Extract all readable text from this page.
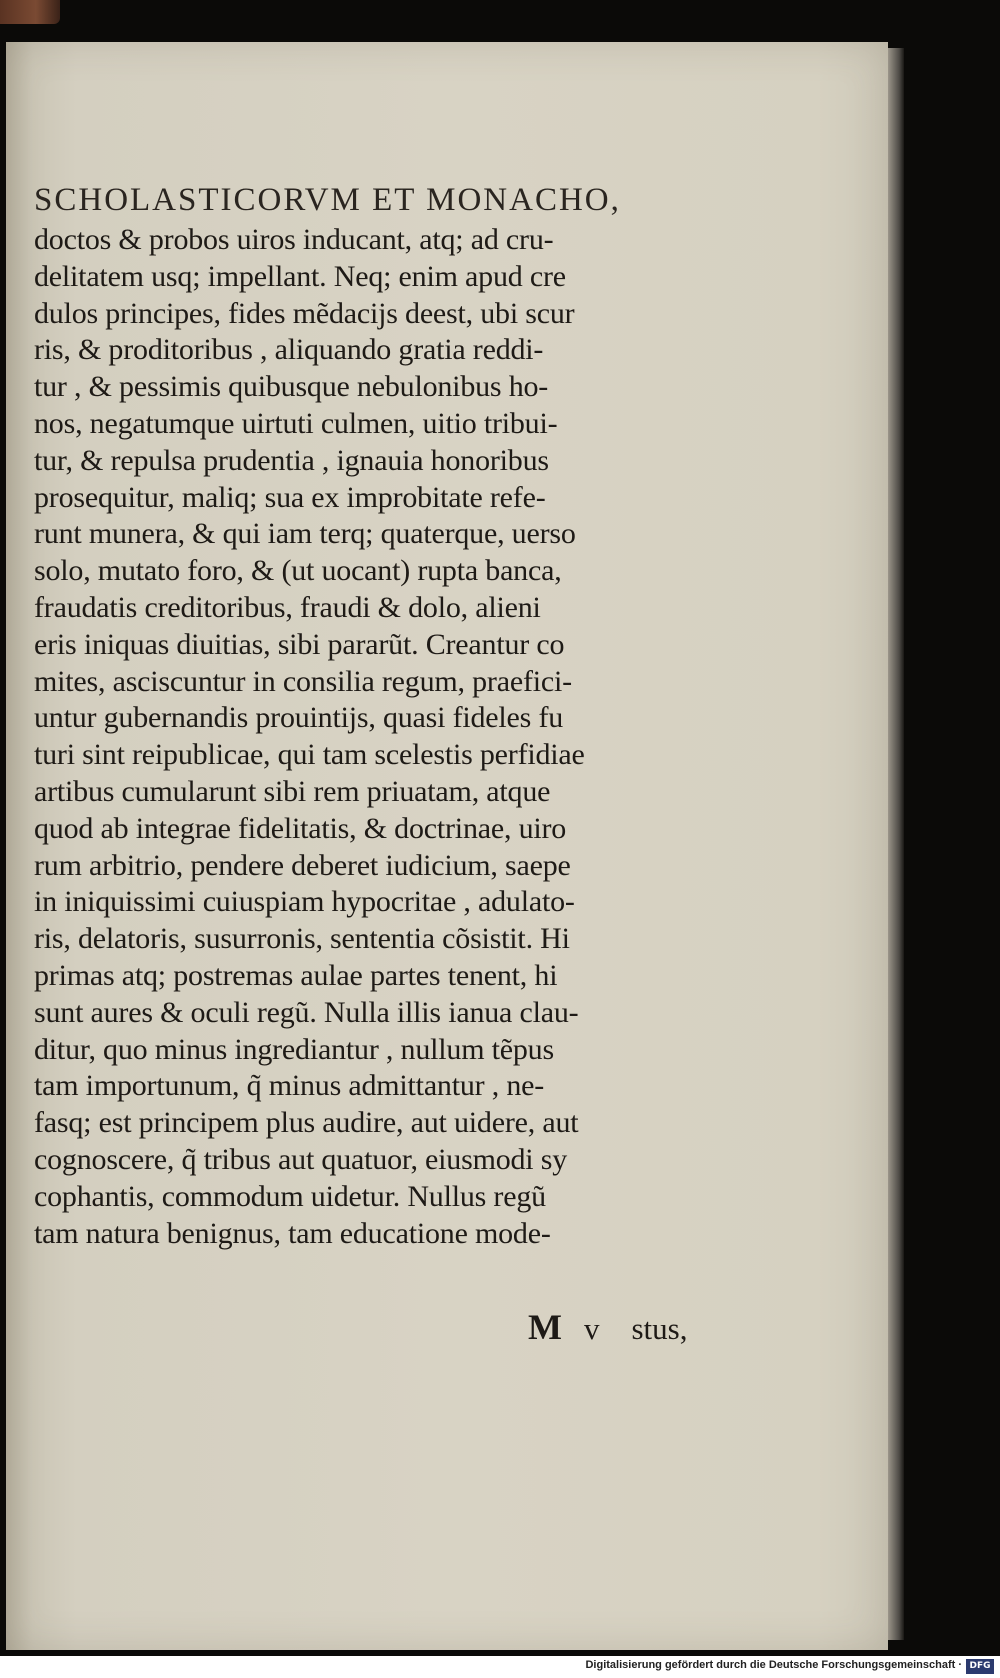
SCHOLASTICORVM ET MONACHO,
doctos & probos uiros inducant, atq; ad cru-
delitatem usq; impellant. Neq; enim apud cre
dulos principes, fides mẽdacijs deest, ubi scur
ris, & proditoribus , aliquando gratia reddi-
tur , & pessimis quibusque nebulonibus ho-
nos, negatumque uirtuti culmen, uitio tribui-
tur, & repulsa prudentia , ignauia honoribus
prosequitur, maliq; sua ex improbitate refe-
runt munera, & qui iam terq; quaterque, uerso
solo, mutato foro, & (ut uocant) rupta banca,
fraudatis creditoribus, fraudi & dolo, alieni
eris iniquas diuitias, sibi pararũt. Creantur co
mites, asciscuntur in consilia regum, praefici-
untur gubernandis prouintijs, quasi fideles fu
turi sint reipublicae, qui tam scelestis perfidiae
artibus cumularunt sibi rem priuatam, atque
quod ab integrae fidelitatis, & doctrinae, uiro
rum arbitrio, pendere deberet iudicium, saepe
in iniquissimi cuiuspiam hypocritae , adulato-
ris, delatoris, susurronis, sententia cõsistit. Hi
primas atq; postremas aulae partes tenent, hi
sunt aures & oculi regũ. Nulla illis ianua clau-
ditur, quo minus ingrediantur , nullum tẽpus
tam importunum, q̃ minus admittantur , ne-
fasq; est principem plus audire, aut uidere, aut
cognoscere, q̃ tribus aut quatuor, eiusmodi sy
cophantis, commodum uidetur. Nullus regũ
tam natura benignus, tam educatione mode-
M v stus,
Digitalisierung gefördert durch die Deutsche Forschungsgemeinschaft · DFG
